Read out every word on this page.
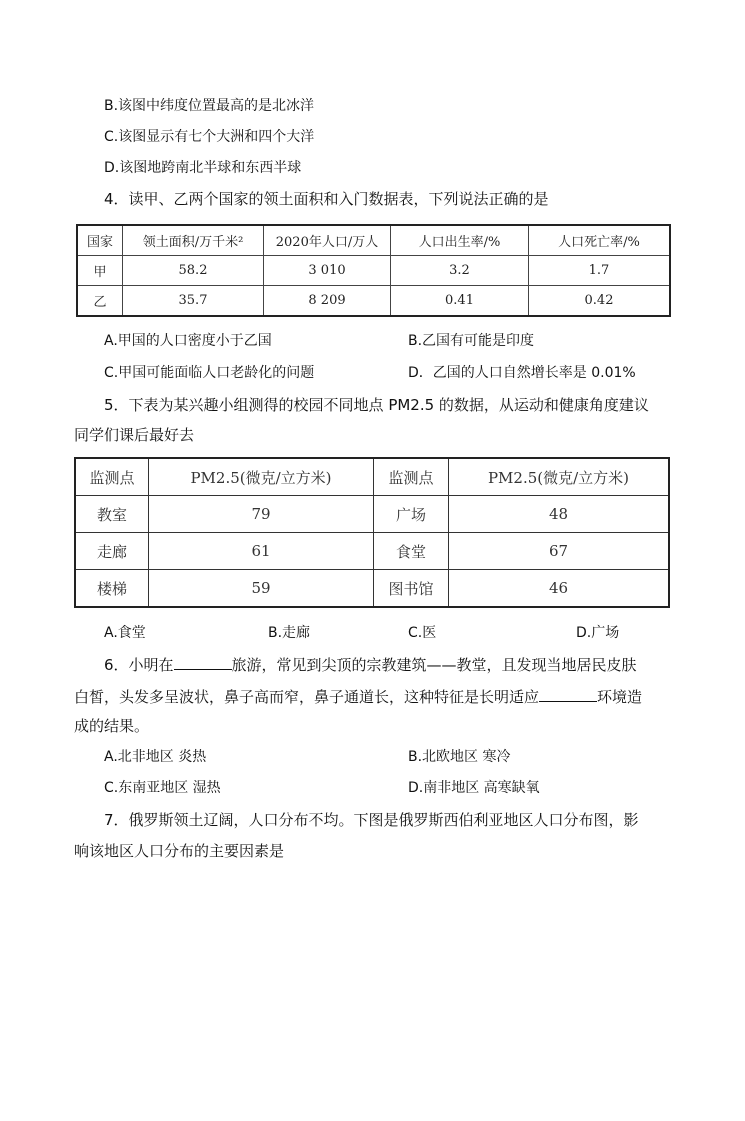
B.该图中纬度位置最高的是北冰洋
C.该图显示有七个大洲和四个大洋
D.该图地跨南北半球和东西半球
4．读甲、乙两个国家的领土面积和入门数据表，下列说法正确的是
国家	领土面积/万千米²	2020年人口/万人	人口出生率/%	人口死亡率/%
甲	58.2	3 010	3.2	1.7
乙	35.7	8 209	0.41	0.42
A.甲国的人口密度小于乙国	B.乙国有可能是印度
C.甲国可能面临人口老龄化的问题	D．乙国的人口自然增长率是 0.01%
5．下表为某兴趣小组测得的校园不同地点 PM2.5 的数据，从运动和健康角度建议
同学们课后最好去
监测点	PM2.5(微克/立方米)	监测点	PM2.5(微克/立方米)
教室	79	广场	48
走廊	61	食堂	67
楼梯	59	图书馆	46
A.食堂	B.走廊	C.医	D.广场
6．小明在	旅游，常见到尖顶的宗教建筑——教堂，且发现当地居民皮肤
白皙，头发多呈波状，鼻子高而窄，鼻子通道长，这种特征是长明适应	环境造
成的结果。
A.北非地区 炎热	B.北欧地区 寒冷
C.东南亚地区 湿热	D.南非地区 高寒缺氧
7．俄罗斯领土辽阔，人口分布不均。下图是俄罗斯西伯利亚地区人口分布图，影
响该地区人口分布的主要因素是
